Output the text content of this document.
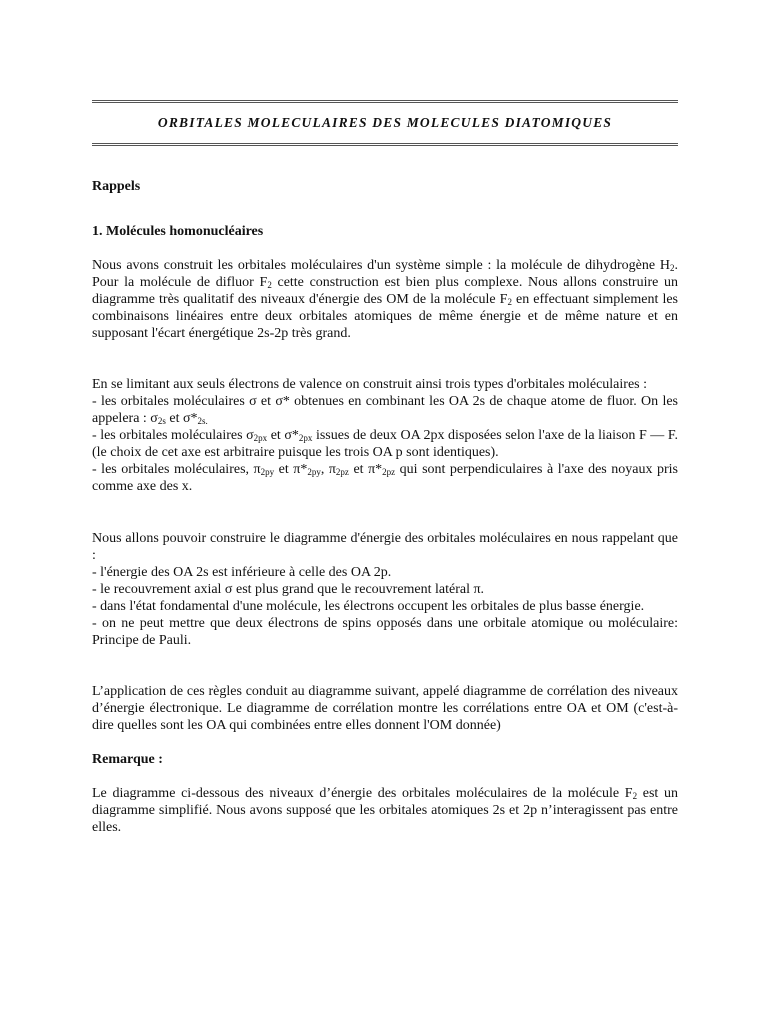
ORBITALES MOLECULAIRES DES MOLECULES DIATOMIQUES

Rappels

1. Molécules homonucléaires

Nous avons construit les orbitales moléculaires d'un système simple : la molécule de dihydrogène $H_2$. Pour la molécule de difluor $F_2$ cette construction est bien plus complexe. Nous allons construire un diagramme très qualitatif des niveaux d'énergie des OM de la molécule $F_2$ en effectuant simplement les combinaisons linéaires entre deux orbitales atomiques de même énergie et de même nature et en supposant l'écart énergétique 2s-2p très grand.

En se limitant aux seuls électrons de valence on construit ainsi trois types d'orbitales moléculaires :
- les orbitales moléculaires σ et σ* obtenues en combinant les OA 2s de chaque atome de fluor. On les appelera : $\sigma_{2s}$ et $\sigma*_{2s.}$
- les orbitales moléculaires $\sigma_{2px}$ et $\sigma*_{2px}$ issues de deux OA 2px disposées selon l'axe de la liaison F — F. (le choix de cet axe est arbitraire puisque les trois OA p sont identiques).
- les orbitales moléculaires, $\pi_{2py}$ et $\pi*_{2py}$, $\pi_{2pz}$ et $\pi*_{2pz}$ qui sont perpendiculaires à l'axe des noyaux pris comme axe des x.
Nous allons pouvoir construire le diagramme d'énergie des orbitales moléculaires en nous rappelant que :
- l'énergie des OA 2s est inférieure à celle des OA 2p.
- le recouvrement axial σ est plus grand que le recouvrement latéral π.
- dans l'état fondamental d'une molécule, les électrons occupent les orbitales de plus basse énergie.
- on ne peut mettre que deux électrons de spins opposés dans une orbitale atomique ou moléculaire: Principe de Pauli.

L’application de ces règles conduit au diagramme suivant, appelé diagramme de corrélation des niveaux d’énergie électronique. Le diagramme de corrélation montre les corrélations entre OA et OM (c'est-à-dire quelles sont les OA qui combinées entre elles donnent l'OM donnée)

Remarque :

Le diagramme ci-dessous des niveaux d’énergie des orbitales moléculaires de la molécule $F_2$ est un diagramme simplifié. Nous avons supposé que les orbitales atomiques 2s et 2p n’interagissent pas entre elles.
